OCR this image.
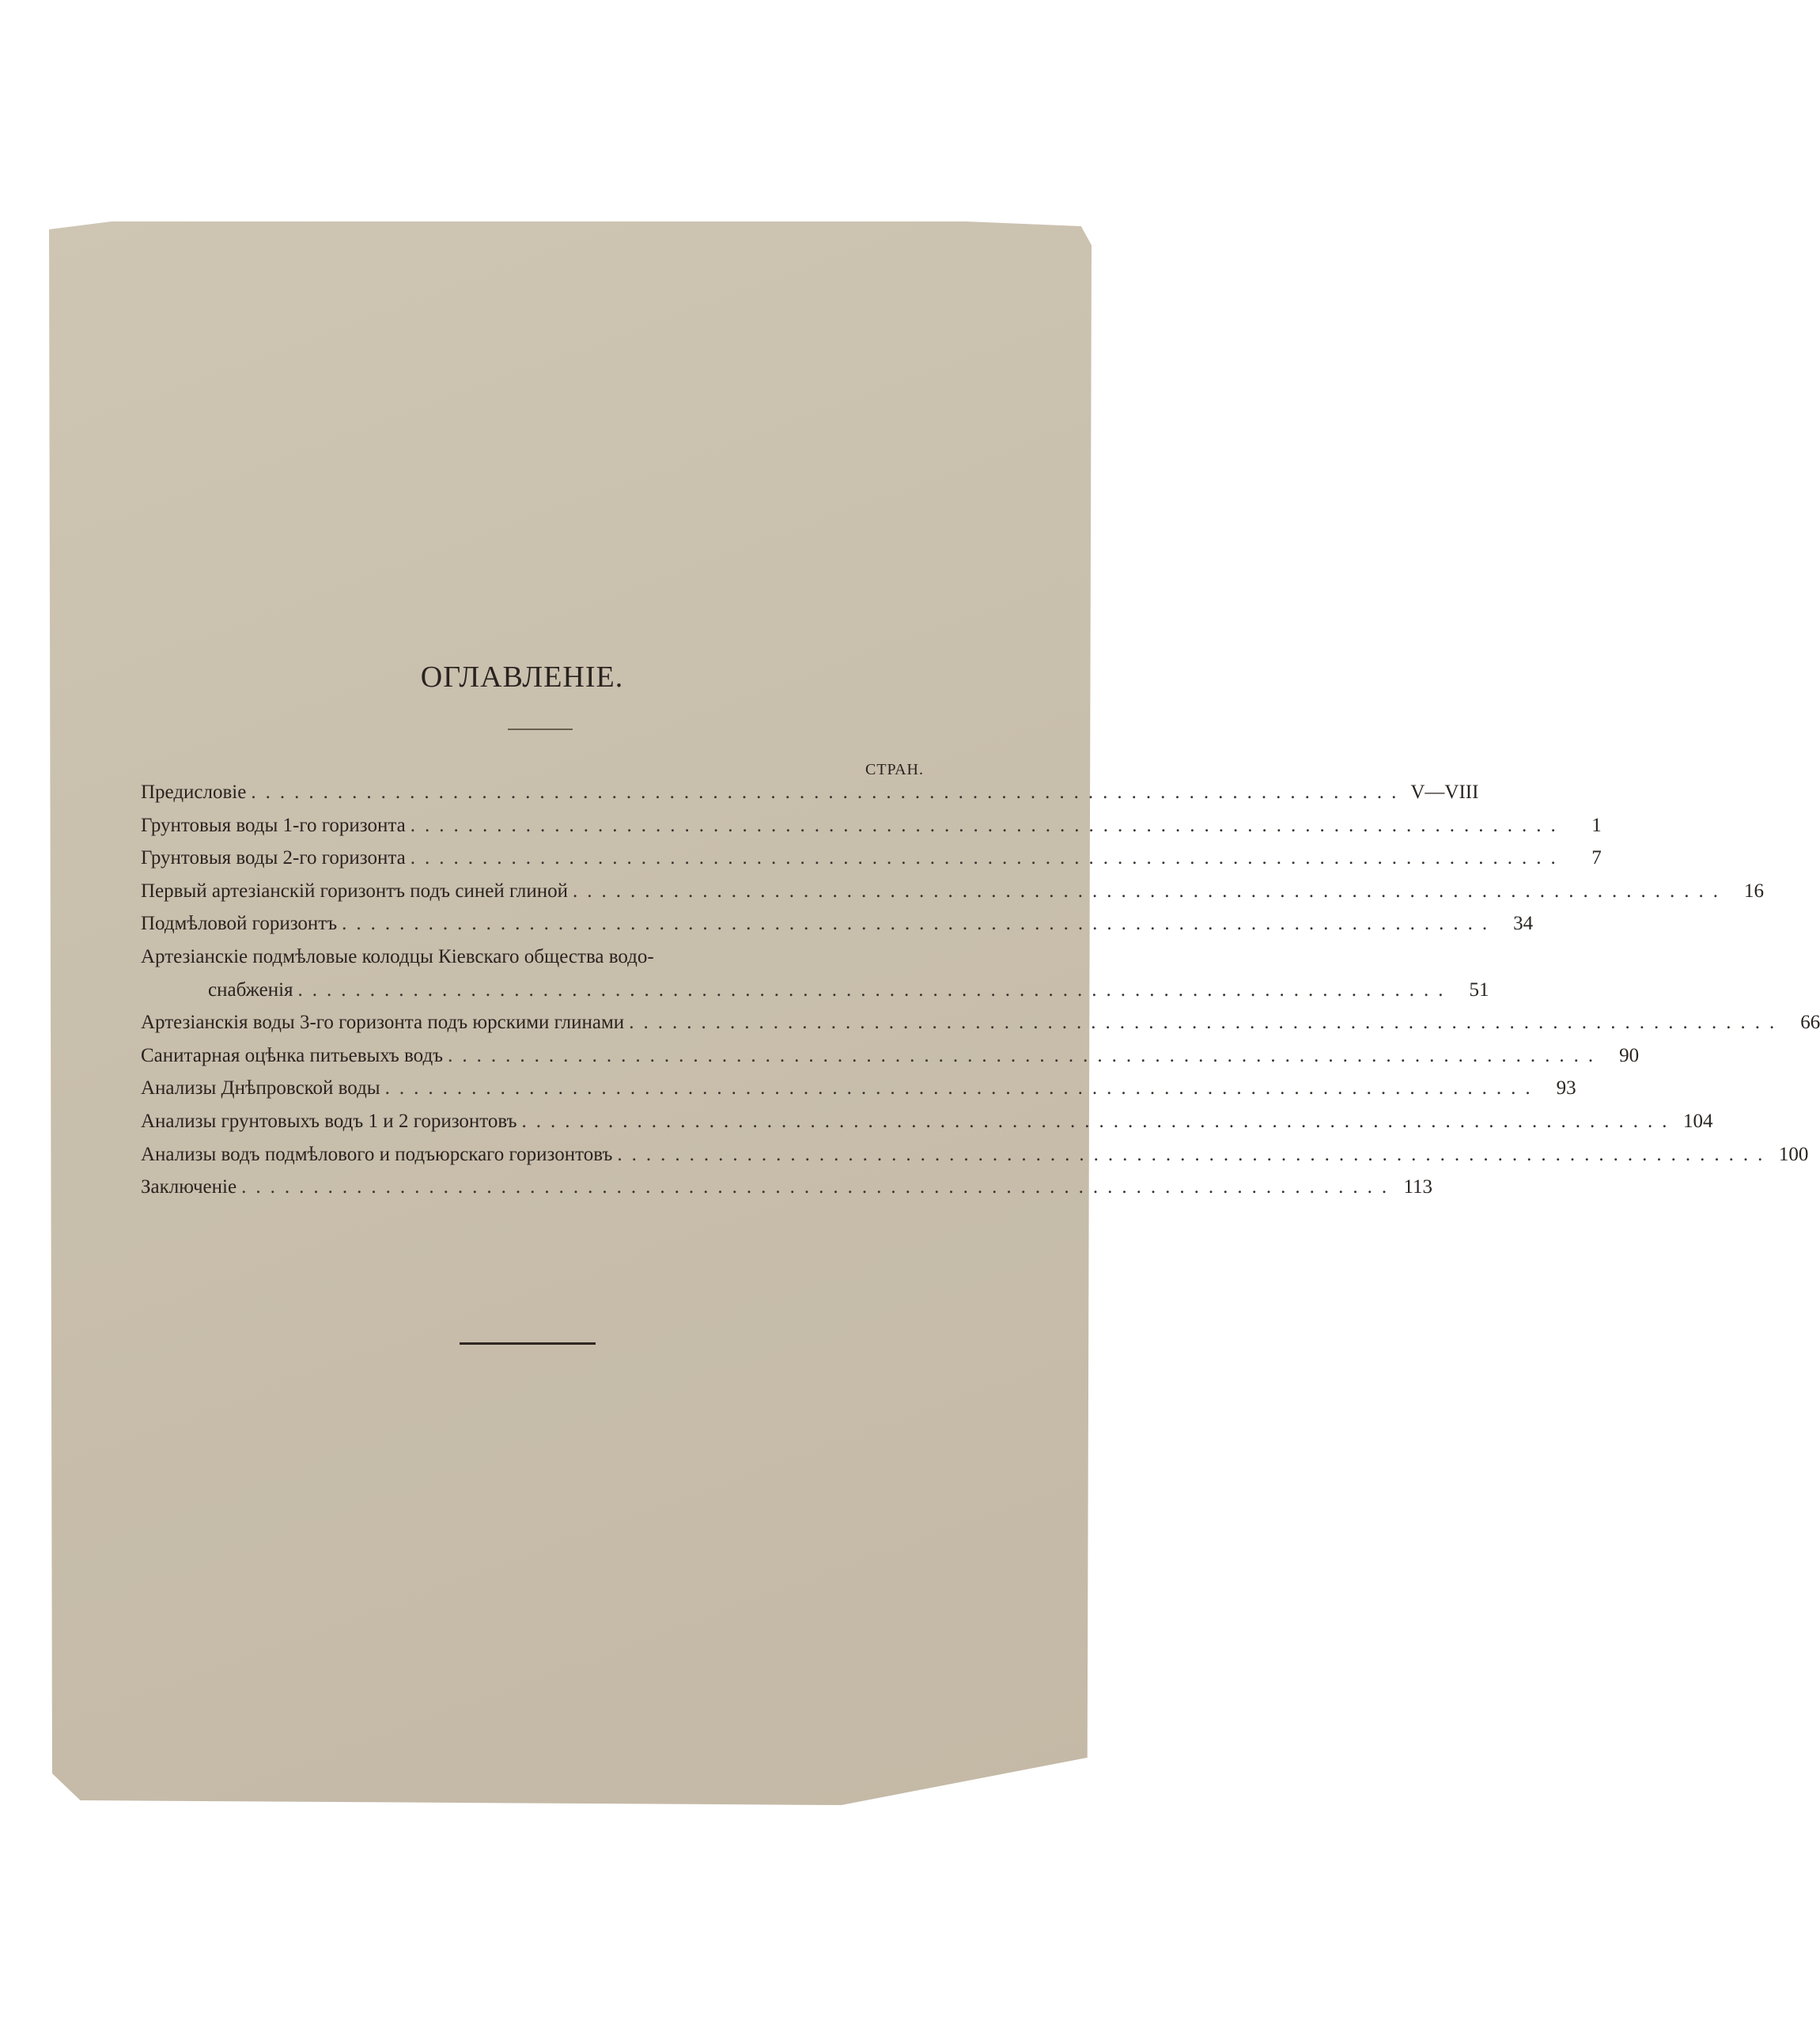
ОГЛАВЛЕНІЕ.
СТРАН.
Предисловіе ................................................................................ V—VIII
Грунтовыя воды 1-го горизонта ................................................................................	1
Грунтовыя воды 2-го горизонта ................................................................................	7
Первый артезіанскій горизонтъ подъ синей глиной ................................................................................ 16
Подмѣловой горизонтъ ................................................................................ 34
Артезіанскіе подмѣловые колодцы Кіевскаго общества водо-
снабженія ................................................................................ 51
Артезіанскія воды 3-го горизонта подъ юрскими глинами ................................................................................ 66
Санитарная оцѣнка питьевыхъ водъ ................................................................................ 90
Анализы Днѣпровской воды ................................................................................ 93
Анализы грунтовыхъ водъ 1 и 2 горизонтовъ ................................................................................ 104
Анализы водъ подмѣлового и подъюрскаго горизонтовъ ................................................................................ 100
Заключеніе ................................................................................ 113
